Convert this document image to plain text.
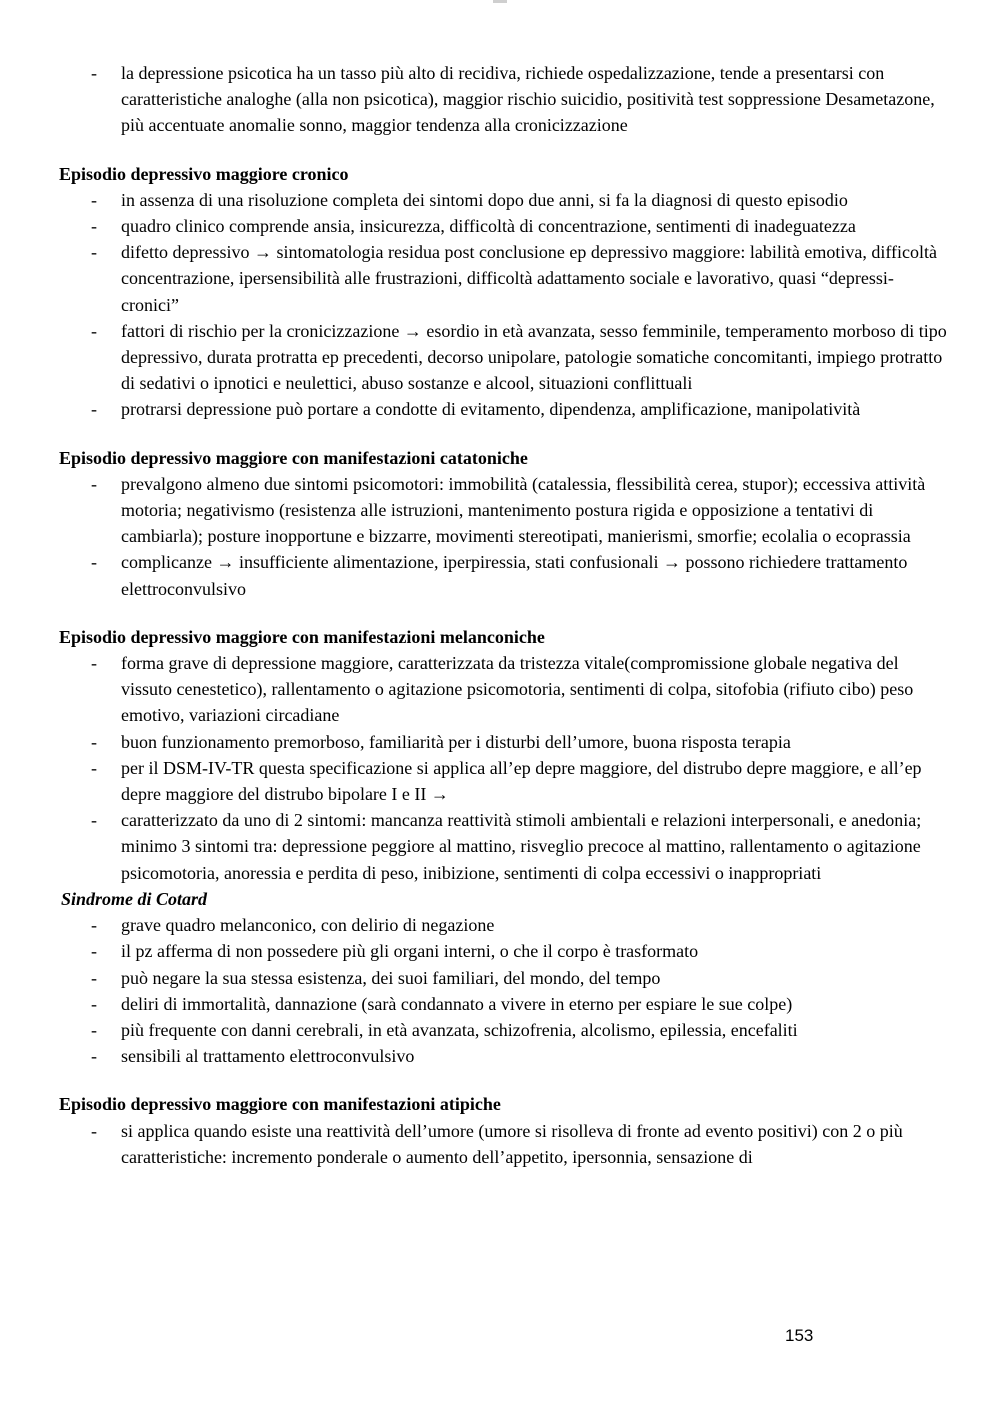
- la depressione psicotica ha un tasso più alto di recidiva, richiede ospedalizzazione, tende a presentarsi con caratteristiche analoghe (alla non psicotica), maggior rischio suicidio, positività test soppressione Desametazone, più accentuate anomalie sonno, maggior tendenza alla cronicizzazione

Episodio depressivo maggiore cronico

- in assenza di una risoluzione completa dei sintomi dopo due anni, si fa la diagnosi di questo episodio
- quadro clinico comprende ansia, insicurezza, difficoltà di concentrazione, sentimenti di inadeguatezza
- difetto depressivo → sintomatologia residua post conclusione ep depressivo maggiore: labilità emotiva, difficoltà concentrazione, ipersensibilità alle frustrazioni, difficoltà adattamento sociale e lavorativo, quasi “depressi-cronici”
- fattori di rischio per la cronicizzazione → esordio in età avanzata, sesso femminile, temperamento morboso di tipo depressivo, durata protratta ep precedenti, decorso unipolare, patologie somatiche concomitanti, impiego protratto di sedativi o ipnotici e neulettici, abuso sostanze e alcool, situazioni conflittuali
- protrarsi depressione può portare a condotte di evitamento, dipendenza, amplificazione, manipolatività

Episodio depressivo maggiore con manifestazioni catatoniche

- prevalgono almeno due sintomi psicomotori: immobilità (catalessia, flessibilità cerea, stupor); eccessiva attività motoria; negativismo (resistenza alle istruzioni, mantenimento postura rigida e opposizione a tentativi di cambiarla); posture inopportune e bizzarre, movimenti stereotipati, manierismi, smorfie; ecolalia o ecoprassia
- complicanze → insufficiente alimentazione, iperpiressia, stati confusionali → possono richiedere trattamento elettroconvulsivo

Episodio depressivo maggiore con manifestazioni melanconiche

- forma grave di depressione maggiore, caratterizzata da tristezza vitale(compromissione globale negativa del vissuto cenestetico), rallentamento o agitazione psicomotoria, sentimenti di colpa, sitofobia (rifiuto cibo) peso emotivo, variazioni circadiane
- buon funzionamento premorboso, familiarità per i disturbi dell’umore, buona risposta terapia
- per il DSM-IV-TR questa specificazione si applica all’ep depre maggiore, del distrubo depre maggiore, e all’ep depre maggiore del distrubo bipolare I e II →
- caratterizzato da uno di 2 sintomi: mancanza reattività stimoli ambientali e relazioni interpersonali, e anedonia; minimo 3 sintomi tra: depressione peggiore al mattino, risveglio precoce al mattino, rallentamento o agitazione psicomotoria, anoressia e perdita di peso, inibizione, sentimenti di colpa eccessivi o inappropriati

Sindrome di Cotard

- grave quadro melanconico, con delirio di negazione
- il pz afferma di non possedere più gli organi interni, o che il corpo è trasformato
- può negare la sua stessa esistenza, dei suoi familiari, del mondo, del tempo
- deliri di immortalità, dannazione (sarà condannato a vivere in eterno per espiare le sue colpe)
- più frequente con danni cerebrali, in età avanzata, schizofrenia, alcolismo, epilessia, encefaliti
- sensibili al trattamento elettroconvulsivo

Episodio depressivo maggiore con manifestazioni atipiche

- si applica quando esiste una reattività dell’umore (umore si risolleva di fronte ad evento positivi) con 2 o più caratteristiche: incremento ponderale o aumento dell’appetito, ipersonnia, sensazione di
153
